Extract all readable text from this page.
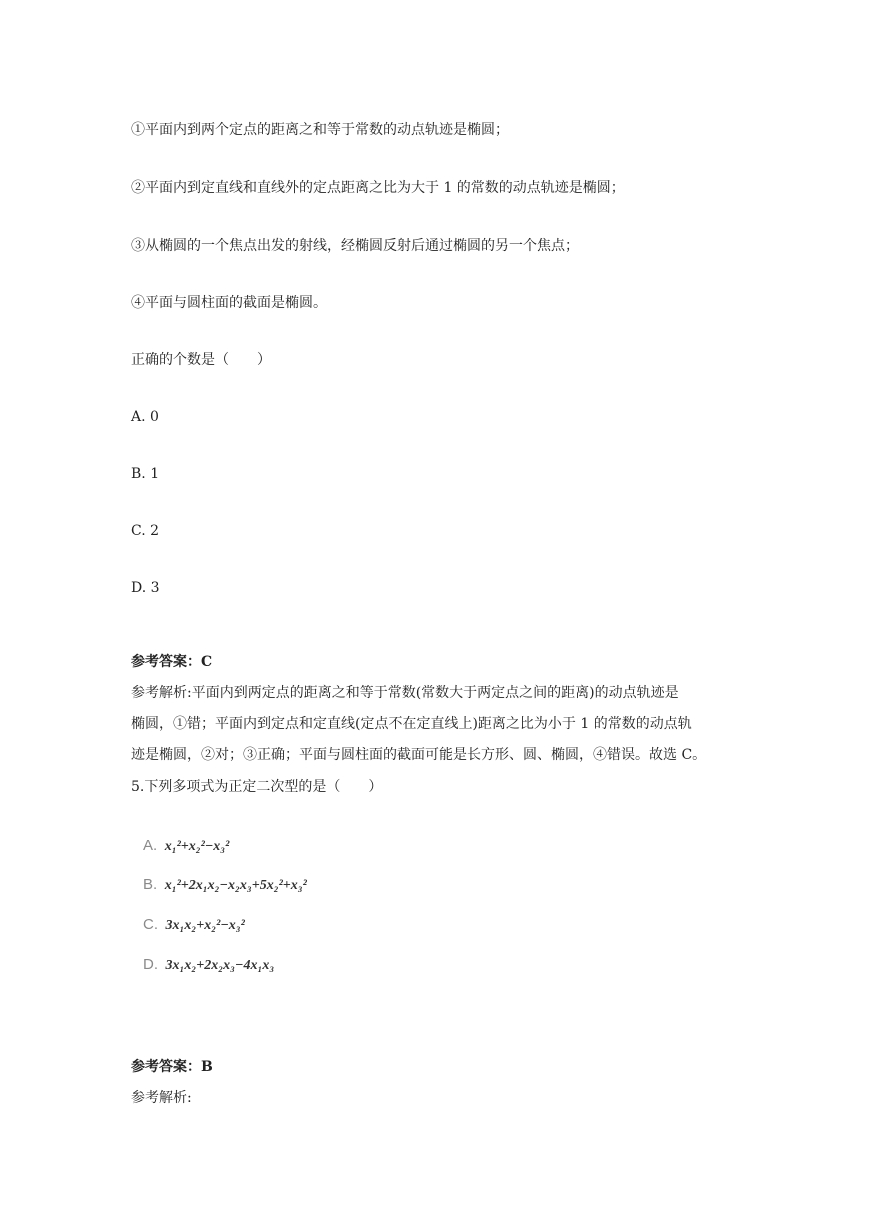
①平面内到两个定点的距离之和等于常数的动点轨迹是椭圆；
②平面内到定直线和直线外的定点距离之比为大于 1 的常数的动点轨迹是椭圆；
③从椭圆的一个焦点出发的射线，经椭圆反射后通过椭圆的另一个焦点；
④平面与圆柱面的截面是椭圆。
正确的个数是（　　）
A. 0
B. 1
C. 2
D. 3
参考答案：C
参考解析:平面内到两定点的距离之和等于常数(常数大于两定点之间的距离)的动点轨迹是
椭圆，①错；平面内到定点和定直线(定点不在定直线上)距离之比为小于 1 的常数的动点轨
迹是椭圆，②对；③正确；平面与圆柱面的截面可能是长方形、圆、椭圆，④错误。故选 C。
5.下列多项式为正定二次型的是（　　）
A. x₁²+x₂²−x₃²
B. x₁²+2x₁x₂−x₂x₃+5x₂²+x₃²
C. 3x₁x₂+x₂²−x₃²
D. 3x₁x₂+2x₂x₃−4x₁x₃
参考答案：B
参考解析:
